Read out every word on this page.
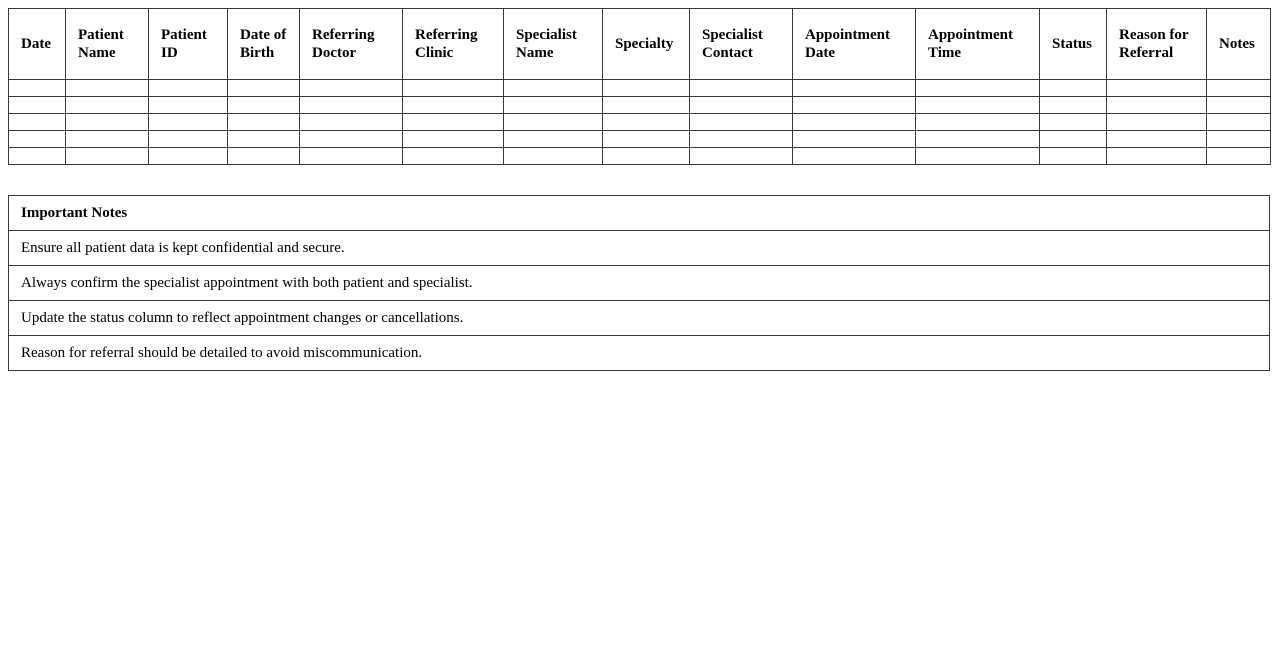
Date	Patient Name	Patient ID	Date of Birth	Referring Doctor	Referring Clinic	Specialist Name	Specialty	Specialist Contact	Appointment Date	Appointment Time	Status	Reason for Referral	Notes

Important Notes
Ensure all patient data is kept confidential and secure.
Always confirm the specialist appointment with both patient and specialist.
Update the status column to reflect appointment changes or cancellations.
Reason for referral should be detailed to avoid miscommunication.
